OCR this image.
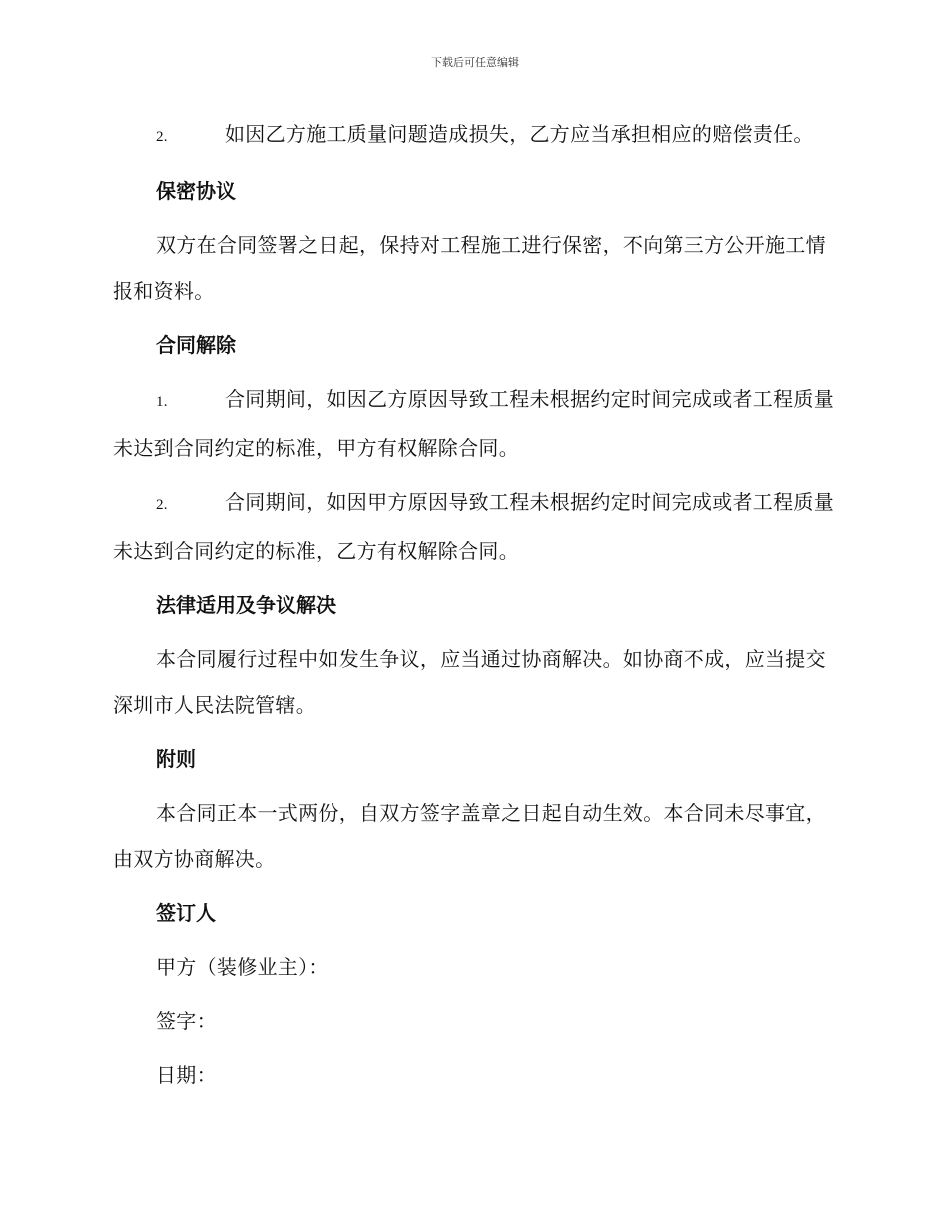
下载后可任意编辑

2.	如因乙方施工质量问题造成损失，乙方应当承担相应的赔偿责任。

保密协议

双方在合同签署之日起，保持对工程施工进行保密，不向第三方公开施工情报和资料。

合同解除

1.	合同期间，如因乙方原因导致工程未根据约定时间完成或者工程质量未达到合同约定的标准，甲方有权解除合同。

2.	合同期间，如因甲方原因导致工程未根据约定时间完成或者工程质量未达到合同约定的标准，乙方有权解除合同。

法律适用及争议解决

本合同履行过程中如发生争议，应当通过协商解决。如协商不成，应当提交深圳市人民法院管辖。

附则

本合同正本一式两份，自双方签字盖章之日起自动生效。本合同未尽事宜，由双方协商解决。

签订人

甲方（装修业主）：

签字：

日期：
